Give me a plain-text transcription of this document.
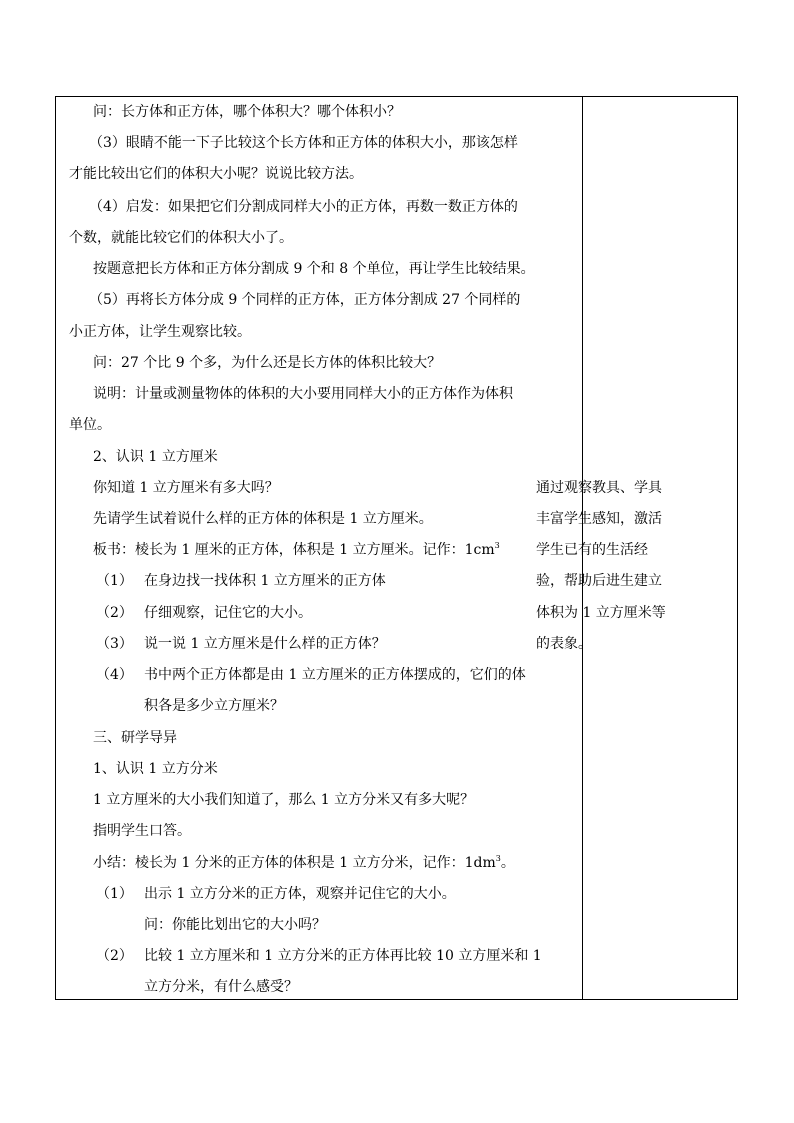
问：长方体和正方体，哪个体积大？哪个体积小？
（3）眼睛不能一下子比较这个长方体和正方体的体积大小，那该怎样
才能比较出它们的体积大小呢？说说比较方法。
（4）启发：如果把它们分割成同样大小的正方体，再数一数正方体的
个数，就能比较它们的体积大小了。
按题意把长方体和正方体分割成 9 个和 8 个单位，再让学生比较结果。
（5）再将长方体分成 9 个同样的正方体，正方体分割成 27 个同样的
小正方体，让学生观察比较。
问：27 个比 9 个多，为什么还是长方体的体积比较大？
说明：计量或测量物体的体积的大小要用同样大小的正方体作为体积
单位。
2、认识 1 立方厘米
你知道 1 立方厘米有多大吗？
先请学生试着说什么样的正方体的体积是 1 立方厘米。
板书：棱长为 1 厘米的正方体，体积是 1 立方厘米。记作：$1cm^3$
（1） 在身边找一找体积 1 立方厘米的正方体
（2） 仔细观察，记住它的大小。
（3） 说一说 1 立方厘米是什么样的正方体？
（4） 书中两个正方体都是由 1 立方厘米的正方体摆成的，它们的体
积各是多少立方厘米？
三、研学导异
1、认识 1 立方分米
1 立方厘米的大小我们知道了，那么 1 立方分米又有多大呢？
指明学生口答。
小结：棱长为 1 分米的正方体的体积是 1 立方分米，记作：$1dm^3$。
（1） 出示 1 立方分米的正方体，观察并记住它的大小。
问：你能比划出它的大小吗？
（2） 比较 1 立方厘米和 1 立方分米的正方体再比较 10 立方厘米和 1
立方分米，有什么感受？
通过观察教具、学具
丰富学生感知，激活
学生已有的生活经
验，帮助后进生建立
体积为 1 立方厘米等
的表象。
